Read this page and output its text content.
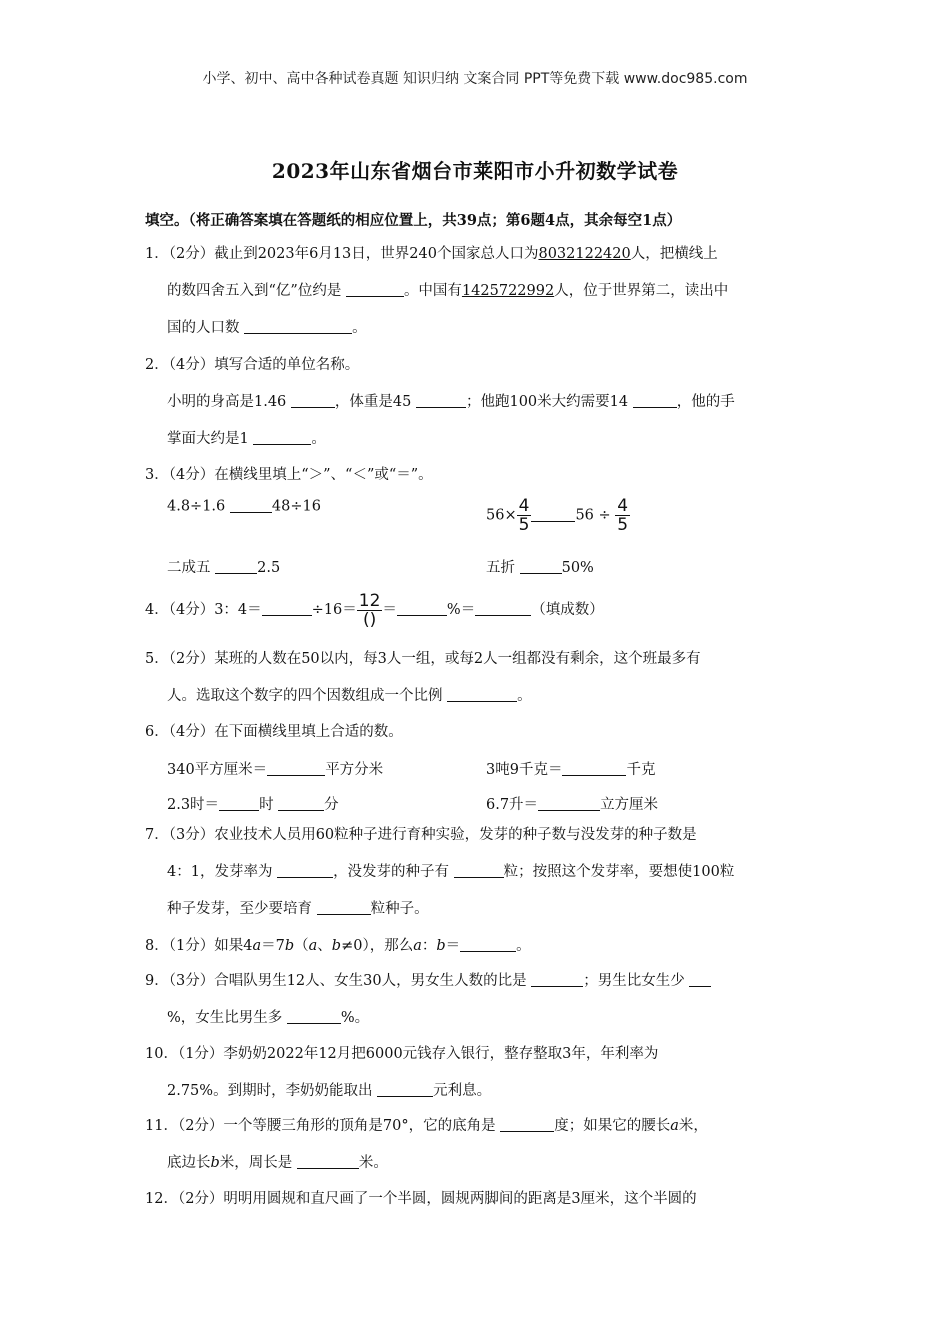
小学、初中、高中各种试卷真题 知识归纳 文案合同 PPT等免费下载 www.doc985.com
2023年山东省烟台市莱阳市小升初数学试卷
填空。（将正确答案填在答题纸的相应位置上，共39点；第6题4点，其余每空1点）
1．（2分）截止到2023年6月13日，世界240个国家总人口为8032122420人，把横线上
的数四舍五入到“亿”位约是	。中国有1425722992人，位于世界第二，读出中
国的人口数	。
2．（4分）填写合适的单位名称。
小明的身高是1.46	，体重是45	；他跑100米大约需要14	，他的手
掌面大约是1	。
3．（4分）在横线里填上“＞”、“＜”或“＝”。
4.8÷1.6	48÷16
$56\times \frac{4}{5}$	$56 \div \frac{4}{5}$
二成五	2.5	五折	50%
4．（4分）3：4＝	$\div 16= \frac{12}{()}$ ＝	%＝	（填成数）
5．（2分）某班的人数在50以内，每3人一组，或每2人一组都没有剩余，这个班最多有
人。选取这个数字的四个因数组成一个比例	。
6．（4分）在下面横线里填上合适的数。
340平方厘米＝	平方分米	3吨9千克＝	千克
2.3时＝	时	分	6.7升＝	立方厘米
7．（3分）农业技术人员用60粒种子进行育种实验，发芽的种子数与没发芽的种子数是
4：1，发芽率为	，没发芽的种子有	粒；按照这个发芽率，要想使100粒
种子发芽，至少要培育	粒种子。
8．（1分）如果4a＝7b（a、b≠0），那么a：b＝	。
9．（3分）合唱队男生12人、女生30人，男女生人数的比是	；男生比女生少
%，女生比男生多	%。
10．（1分）李奶奶2022年12月把6000元钱存入银行，整存整取3年，年利率为
2.75%。到期时，李奶奶能取出	元利息。
11．（2分）一个等腰三角形的顶角是70°，它的底角是	度；如果它的腰长a米，
底边长b米，周长是	米。
12．（2分）明明用圆规和直尺画了一个半圆，圆规两脚间的距离是3厘米，这个半圆的
